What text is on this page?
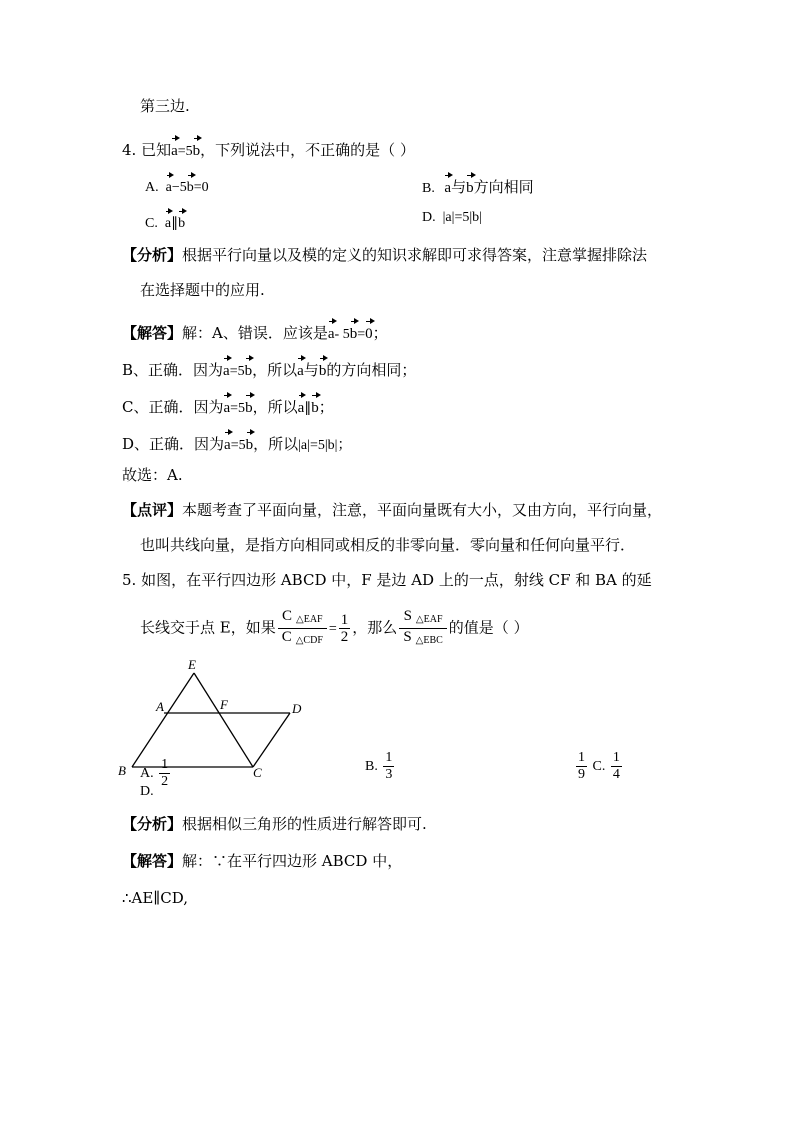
第三边.
4. 已知a=5b，下列说法中，不正确的是（ ）
A. a−5b=0	B. a与b方向相同
C. a∥b	D. |a|=5|b|
【分析】根据平行向量以及模的定义的知识求解即可求得答案，注意掌握排除法
在选择题中的应用.
【解答】解：A、错误．应该是a- 5b=0；
B、正确．因为a=5b，所以a与b的方向相同；
C、正确．因为a=5b，所以a∥b；
D、正确．因为a=5b，所以|a|=5|b|；
故选：A.
【点评】本题考查了平面向量，注意，平面向量既有大小，又由方向，平行向量，
也叫共线向量，是指方向相同或相反的非零向量．零向量和任何向量平行．
5. 如图，在平行四边形 ABCD 中，F 是边 AD 上的一点，射线 CF 和 BA 的延
长线交于点 E，如果 $\frac{C _{\triangle EAF}}{C _{\triangle CDF}} = \frac{1}{2}$ ，那么 $\frac{S _{\triangle EAF}}{S _{\triangle EBC}}$ 的值是（ ）
E
A	F	D
B	C
A. $\frac{1}{2}$	B. $\frac{1}{3}$	$\frac{1}{9} C$. $\frac{1}{4}$
D.
【分析】根据相似三角形的性质进行解答即可.
【解答】解：∵在平行四边形 ABCD 中，
∴AE∥CD,
